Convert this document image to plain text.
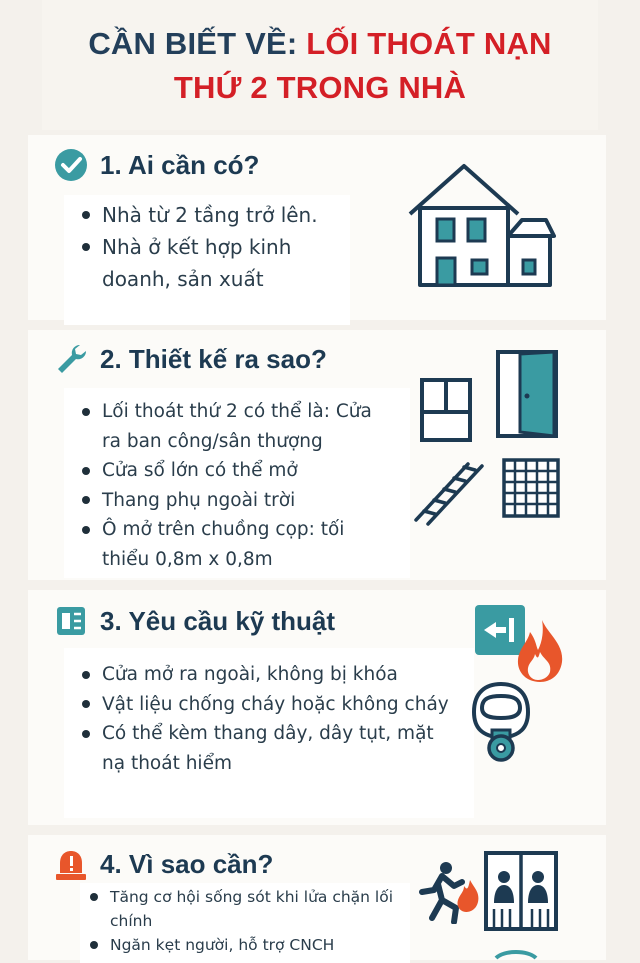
CẦN BIẾT VỀ: LỐI THOÁT NẠN
THỨ 2 TRONG NHÀ
1. Ai cần có?
Nhà từ 2 tầng trở lên.
Nhà ở kết hợp kinh doanh, sản xuất
2. Thiết kế ra sao?
Lối thoát thứ 2 có thể là: Cửa ra ban công/sân thượng
Cửa sổ lớn có thể mở
Thang phụ ngoài trời
Ô mở trên chuồng cọp: tối thiểu 0,8m x 0,8m
3. Yêu cầu kỹ thuật
Cửa mở ra ngoài, không bị khóa
Vật liệu chống cháy hoặc không cháy
Có thể kèm thang dây, dây tụt, mặt nạ thoát hiểm
4. Vì sao cần?
Tăng cơ hội sống sót khi lửa chặn lối chính
Ngăn kẹt người, hỗ trợ CNCH
